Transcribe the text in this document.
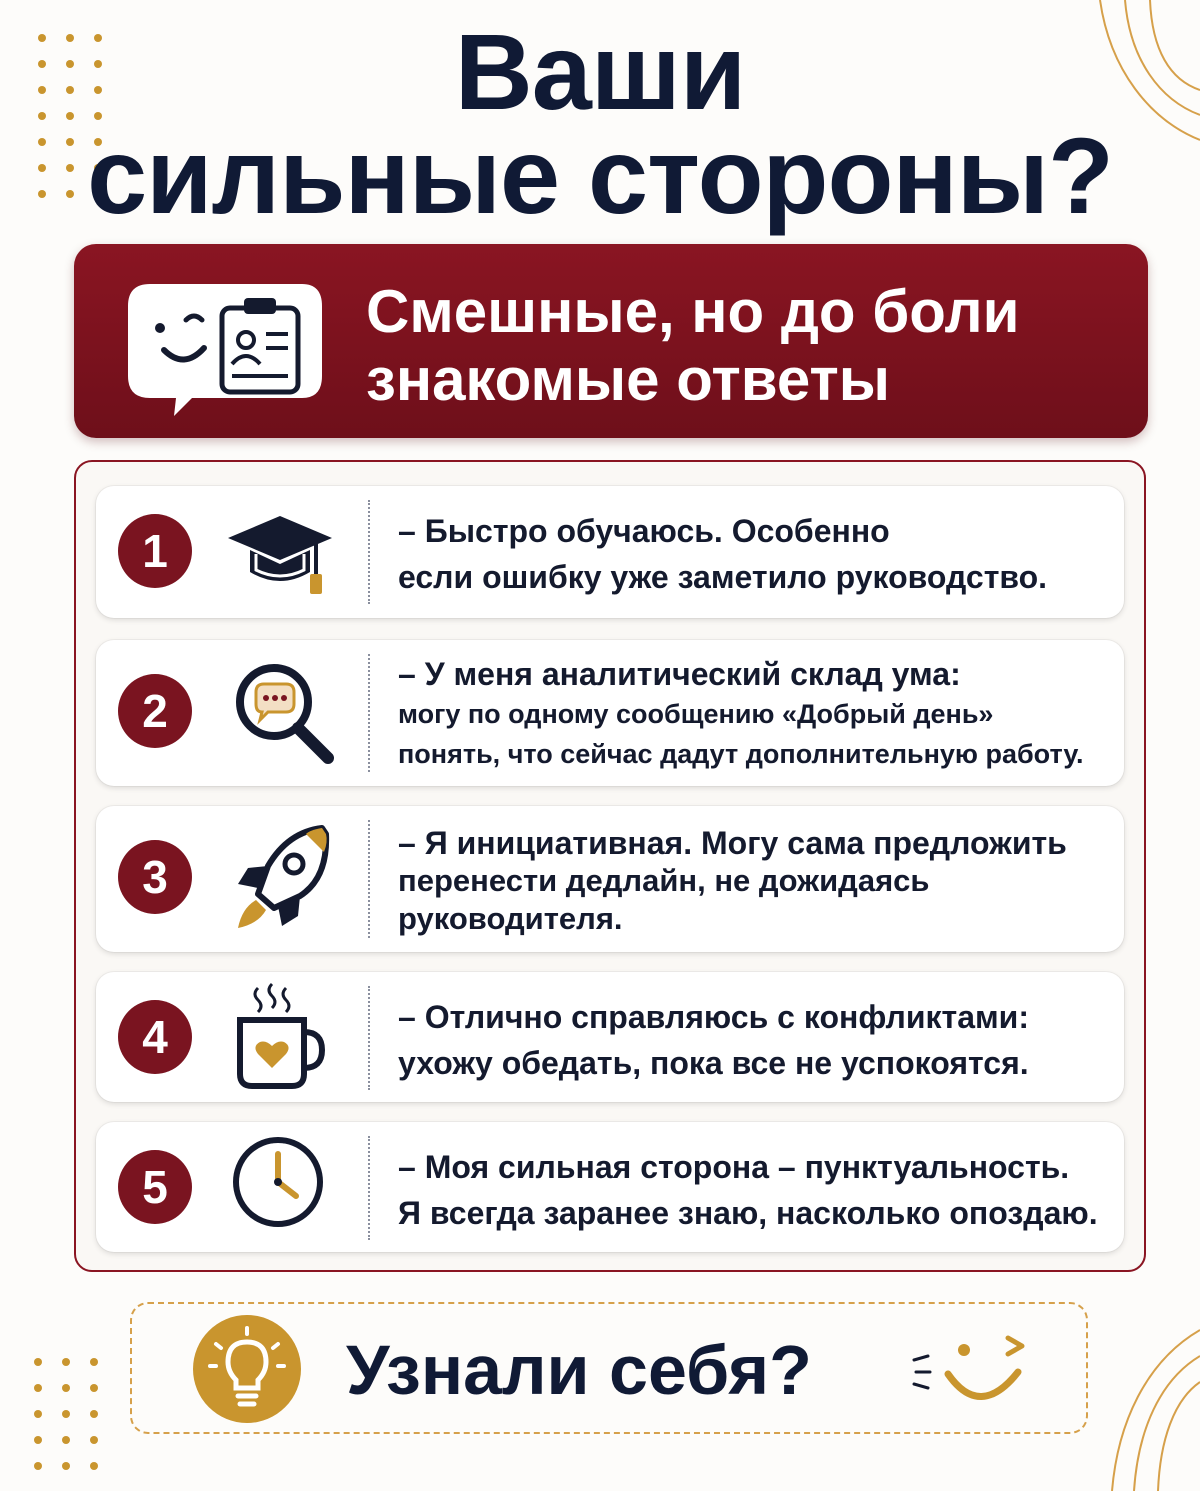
Ваши
сильные стороны?
Смешные, но до боли
знакомые ответы
1	– Быстро обучаюсь. Особенно
если ошибку уже заметило руководство.
2
– У меня аналитический склад ума:
могу по одному сообщению «Добрый день»
понять, что сейчас дадут дополнительную работу.
3
– Я инициативная. Могу сама предложить
перенести дедлайн, не дожидаясь
руководителя.
4	– Отлично справляюсь с конфликтами:
ухожу обедать, пока все не успокоятся.
5	– Моя сильная сторона – пунктуальность.
Я всегда заранее знаю, насколько опоздаю.
Узнали себя?
